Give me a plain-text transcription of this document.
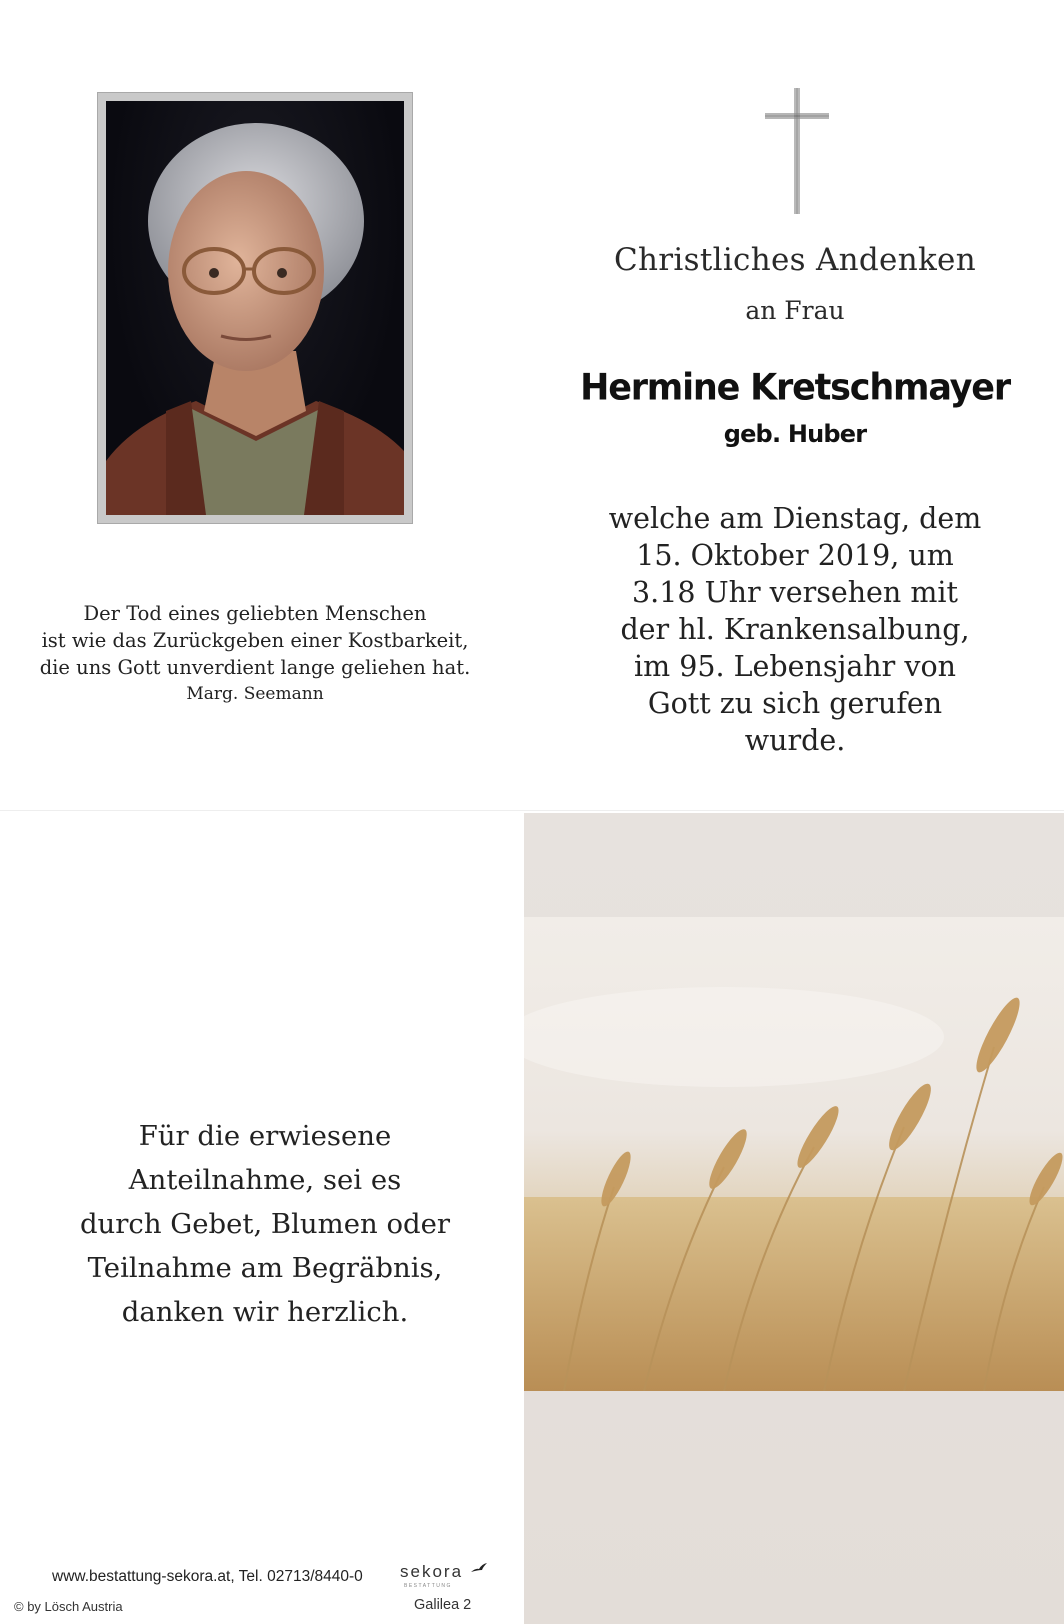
Der Tod eines geliebten Menschen
ist wie das Zurückgeben einer Kostbarkeit,
die uns Gott unverdient lange geliehen hat.
Marg. Seemann
Christliches Andenken
an Frau
Hermine Kretschmayer
geb. Huber
welche am Dienstag, dem
15. Oktober 2019, um
3.18 Uhr versehen mit
der hl. Krankensalbung,
im 95. Lebensjahr von
Gott zu sich gerufen
wurde.
Für die erwiesene
Anteilnahme, sei es
durch Gebet, Blumen oder
Teilnahme am Begräbnis,
danken wir herzlich.
www.bestattung-sekora.at, Tel. 02713/8440-0 sekora
BESTATTUNG
© by Lösch Austria	Galilea 2
